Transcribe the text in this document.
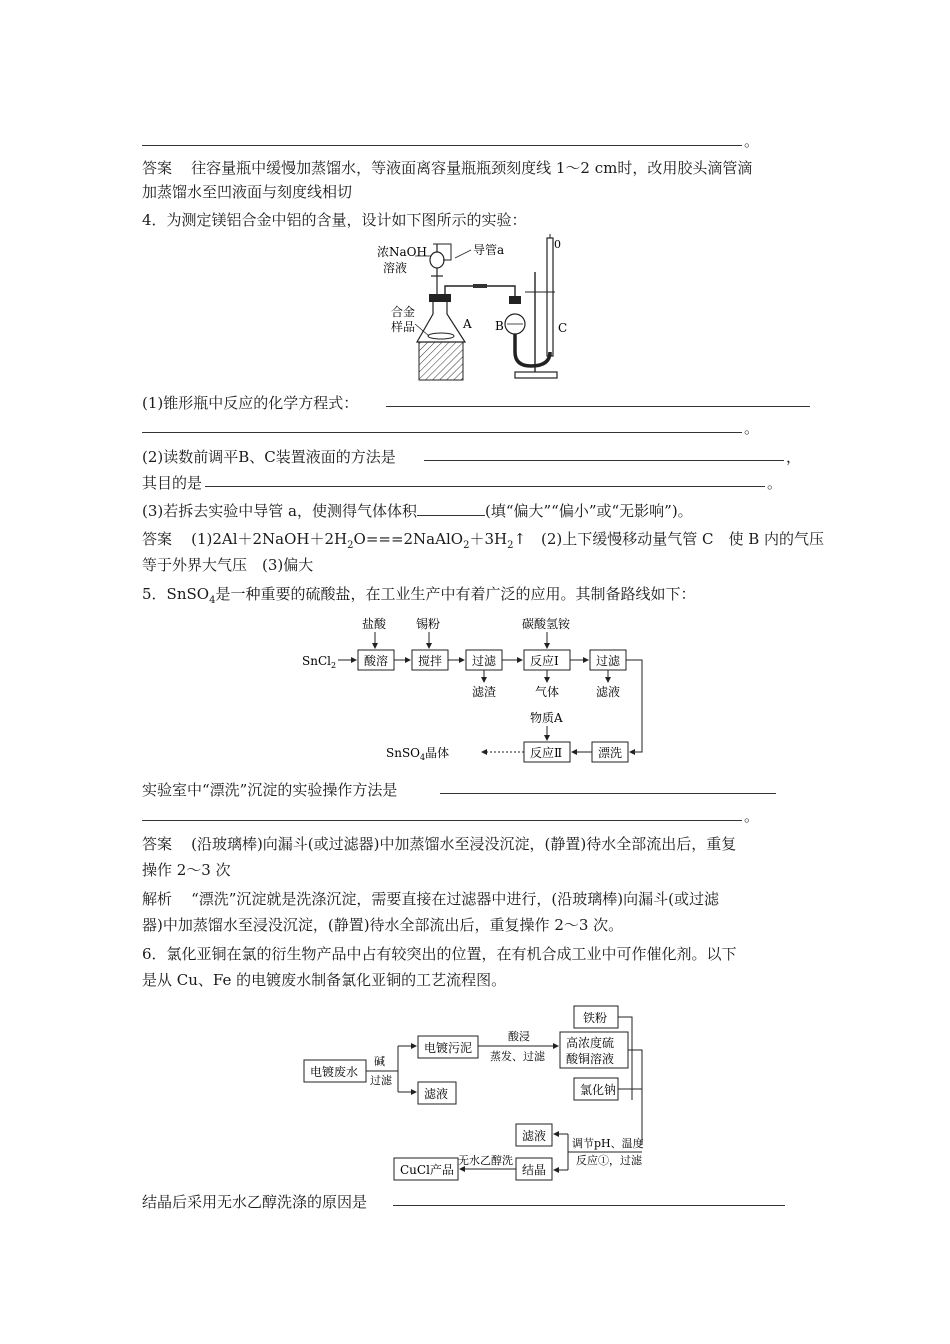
。
答案 往容量瓶中缓慢加蒸馏水，等液面离容量瓶瓶颈刻度线 1～2 cm时，改用胶头滴管滴
加蒸馏水至凹液面与刻度线相切
4．为测定镁铝合金中铝的含量，设计如下图所示的实验：
浓NaOH
溶液
导管a	0
合金
样品	A B	C
(1)锥形瓶中反应的化学方程式：
。
(2)读数前调平B、C装置液面的方法是	，
其目的是	。
(3)若拆去实验中导管 a，使测得气体体积	(填“偏大”“偏小”或“无影响”)。
答案 $(1)2Al+2NaOH+2H_2O===2NaAlO_2+3H_2↑$　(2)上下缓慢移动量气管 C　使 B 内的气压
等于外界大气压　(3)偏大
5．SnSO$_4$是一种重要的硫酸盐，在工业生产中有着广泛的应用。其制备路线如下：
盐酸 锡粉	碳酸氢铵
SnCl$_2$ 酸溶 搅拌 过滤	反应Ⅰ	过滤
滤渣	气体	滤液
物质A
漂洗
反应Ⅱ
SnSO$_4$晶体
实验室中“漂洗”沉淀的实验操作方法是
。
答案 (沿玻璃棒)向漏斗(或过滤器)中加蒸馏水至浸没沉淀，(静置)待水全部流出后，重复
操作 2～3 次
解析 “漂洗”沉淀就是洗涤沉淀，需要直接在过滤器中进行，(沿玻璃棒)向漏斗(或过滤
器)中加蒸馏水至浸没沉淀，(静置)待水全部流出后，重复操作 2～3 次。
6．氯化亚铜在氯的衍生物产品中占有较突出的位置，在有机合成工业中可作催化剂。以下
是从 Cu、Fe 的电镀废水制备氯化亚铜的工艺流程图。
铁粉
电镀废水
碱
过滤
电镀污泥
滤液
酸浸
蒸发、过滤
高浓度硫
酸铜溶液
氯化钠
调节pH、温度
反应①，过滤
滤液
结晶
无水乙醇洗
CuCl产品
结晶后采用无水乙醇洗涤的原因是
